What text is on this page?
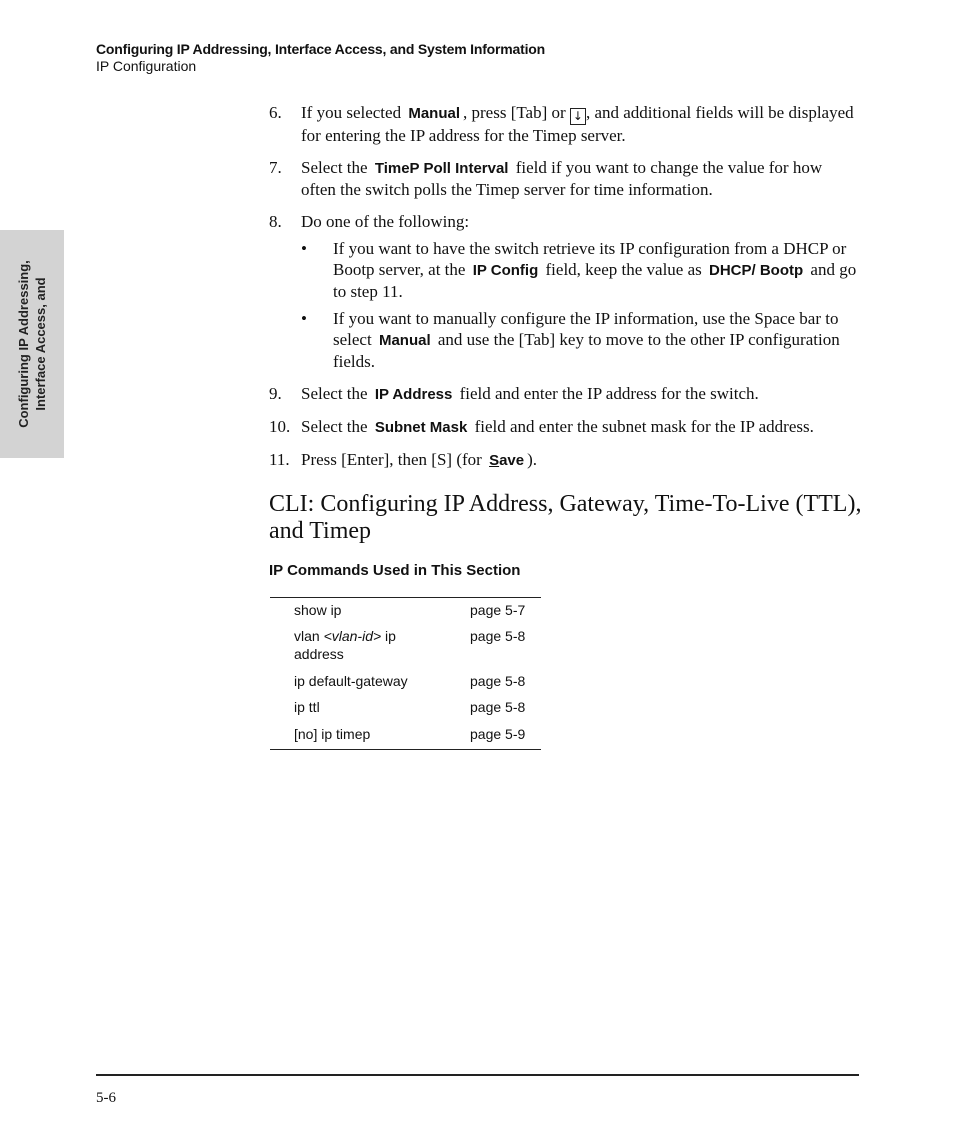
Configuring IP Addressing, Interface Access, and System Information
IP Configuration
Configuring IP Addressing, Interface Access, and
6. If you selected Manual , press [Tab] or ↓ , and additional fields will be displayed for entering the IP address for the Timep server.
7. Select the TimeP Poll Interval field if you want to change the value for how often the switch polls the Timep server for time information.
8. Do one of the following:
• If you want to have the switch retrieve its IP configuration from a DHCP or Bootp server, at the IP Config field, keep the value as DHCP/ Bootp and go to step 11.
• If you want to manually configure the IP information, use the Space bar to select Manual and use the [Tab] key to move to the other IP configuration fields.
9. Select the IP Address field and enter the IP address for the switch.
10. Select the Subnet Mask field and enter the subnet mask for the IP address.
11. Press [Enter], then [S] (for Save ).
CLI: Configuring IP Address, Gateway, Time-To-Live (TTL), and Timep
IP Commands Used in This Section
show ip	page 5-7
vlan <vlan-id> ip address	page 5-8
ip default-gateway	page 5-8
ip ttl	page 5-8
[no] ip timep	page 5-9
5-6
